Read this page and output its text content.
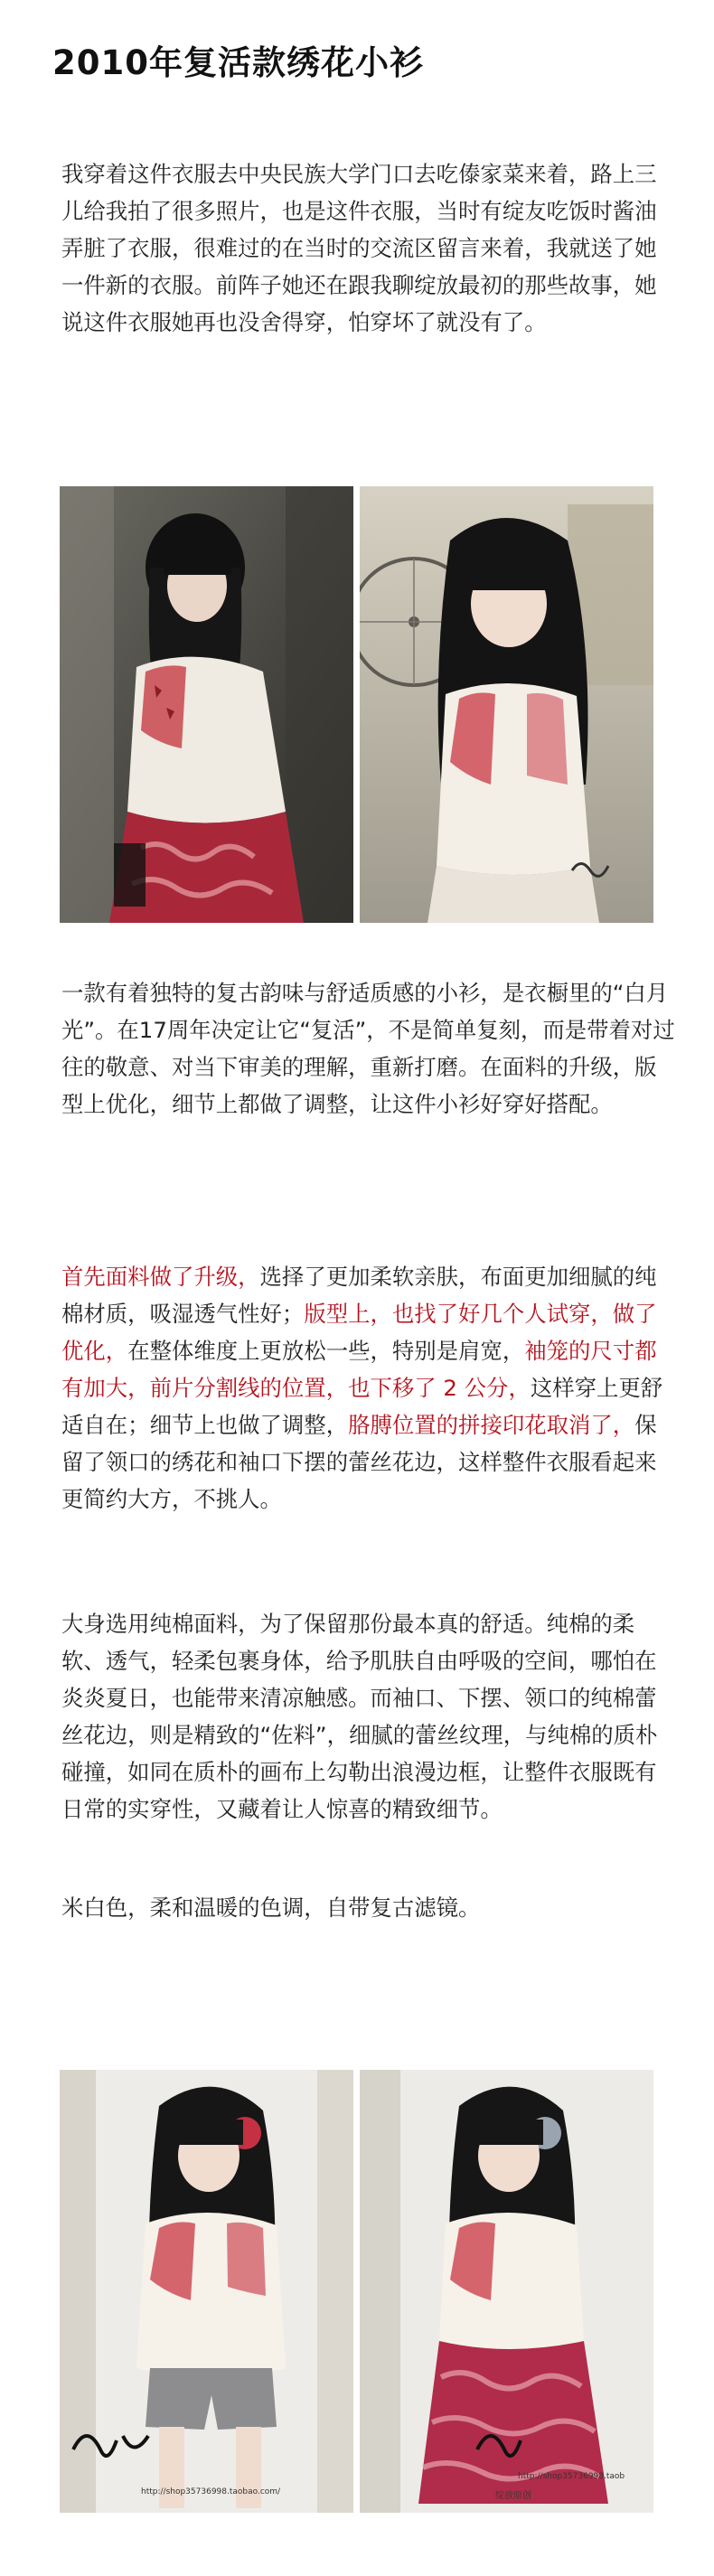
2010年复活款绣花小衫

我穿着这件衣服去中央民族大学门口去吃傣家菜来着，路上三儿给我拍了很多照片，也是这件衣服，当时有绽友吃饭时酱油弄脏了衣服，很难过的在当时的交流区留言来着，我就送了她一件新的衣服。前阵子她还在跟我聊绽放最初的那些故事，她说这件衣服她再也没舍得穿，怕穿坏了就没有了。

一款有着独特的复古韵味与舒适质感的小衫，是衣橱里的“白月光”。在17周年决定让它“复活”，不是简单复刻，而是带着对过往的敬意、对当下审美的理解，重新打磨。在面料的升级，版型上优化，细节上都做了调整，让这件小衫好穿好搭配。

首先面料做了升级，选择了更加柔软亲肤，布面更加细腻的纯棉材质，吸湿透气性好；版型上，也找了好几个人试穿，做了优化，在整体维度上更放松一些，特别是肩宽，袖笼的尺寸都有加大，前片分割线的位置，也下移了 2 公分，这样穿上更舒适自在；细节上也做了调整，胳膊位置的拼接印花取消了，保留了领口的绣花和袖口下摆的蕾丝花边，这样整件衣服看起来更简约大方，不挑人。

大身选用纯棉面料，为了保留那份最本真的舒适。纯棉的柔软、透气，轻柔包裹身体，给予肌肤自由呼吸的空间，哪怕在炎炎夏日，也能带来清凉触感。而袖口、下摆、领口的纯棉蕾丝花边，则是精致的“佐料”，细腻的蕾丝纹理，与纯棉的质朴碰撞，如同在质朴的画布上勾勒出浪漫边框，让整件衣服既有日常的实穿性，又藏着让人惊喜的精致细节。

米白色，柔和温暖的色调，自带复古滤镜。

http://shop35736998.taobao.com/
http://shop35736998.taob
绽放原创
